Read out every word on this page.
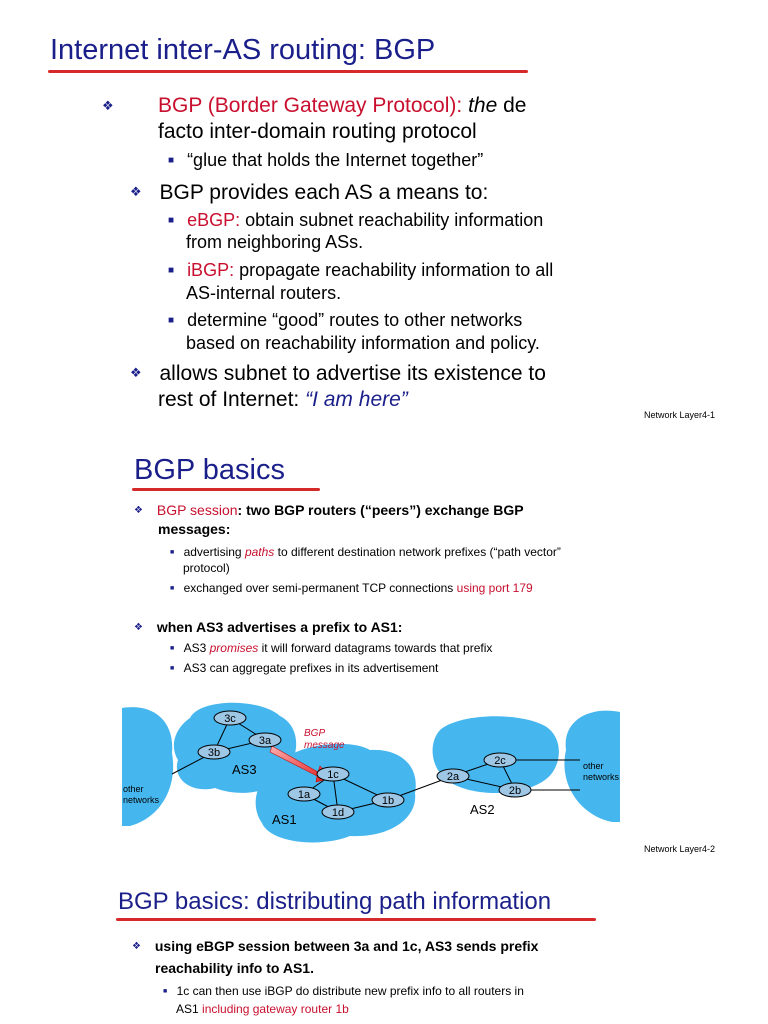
Internet inter-AS routing: BGP
❖ BGP (Border Gateway Protocol): the de
facto inter-domain routing protocol
■ “glue that holds the Internet together”
❖ BGP provides each AS a means to:
■ eBGP: obtain subnet reachability information
from neighboring ASs.
■ iBGP: propagate reachability information to all
AS-internal routers.
■ determine “good” routes to other networks
based on reachability information and policy.
❖ allows subnet to advertise its existence to
rest of Internet: “I am here”
Network Layer4-1
BGP basics
❖ BGP session: two BGP routers (“peers”) exchange BGP
messages:
■ advertising paths to different destination network prefixes (“path vector”
protocol)
■ exchanged over semi-permanent TCP connections using port 179
❖ when AS3 advertises a prefix to AS1:
■ AS3 promises it will forward datagrams towards that prefix
■ AS3 can aggregate prefixes in its advertisement
3c
3a
3b
1c
1a
1d
1b
2c
2a
2b
AS3
AS1
AS2
BGP
message
other
networks
other
networks
Network Layer4-2
BGP basics: distributing path information
❖ using eBGP session between 3a and 1c, AS3 sends prefix
reachability info to AS1.
■ 1c can then use iBGP do distribute new prefix info to all routers in
AS1 including gateway router 1b
